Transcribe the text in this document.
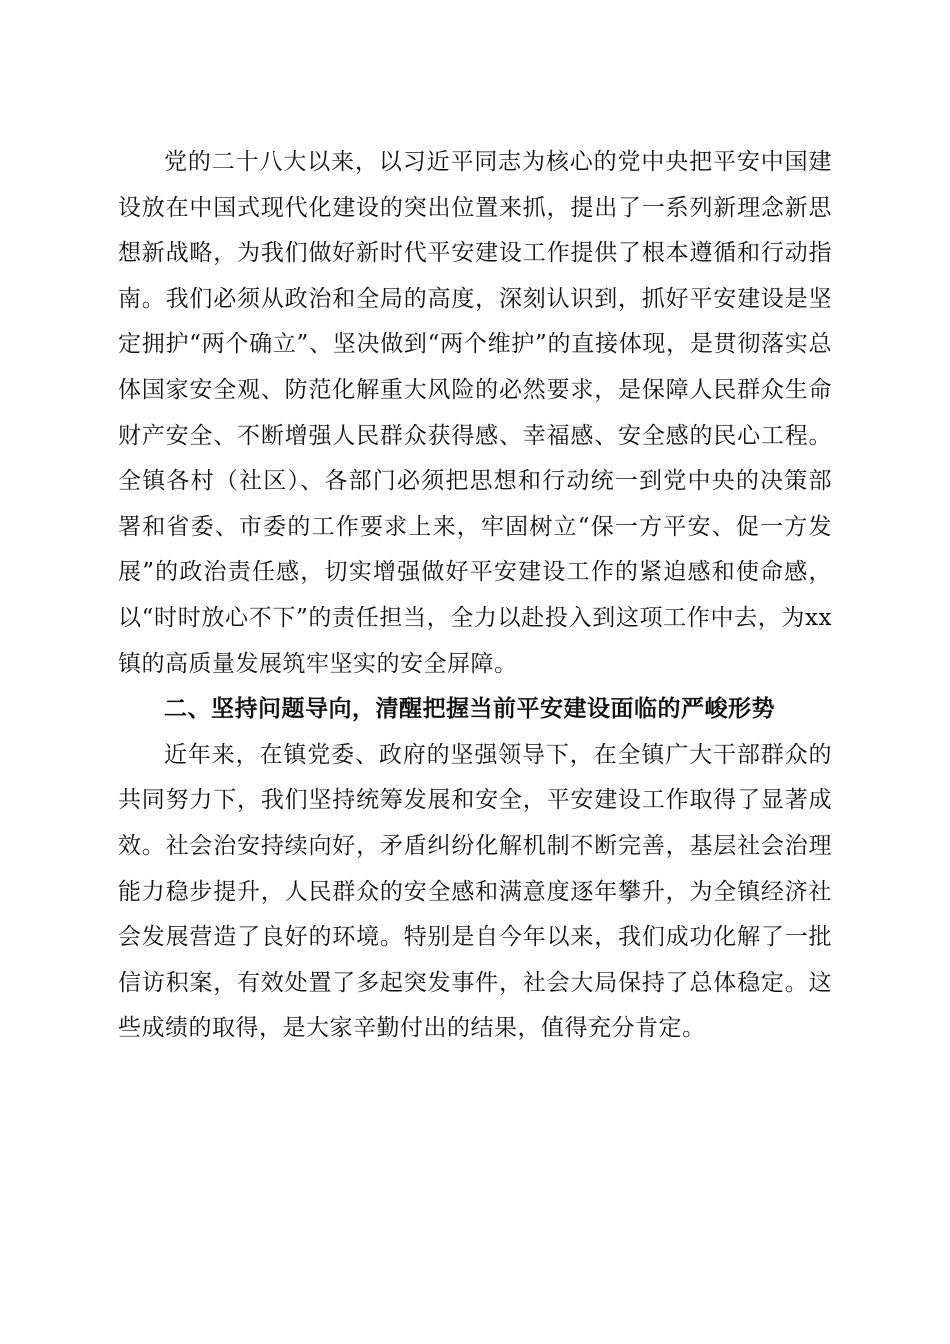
党的二十八大以来，以习近平同志为核心的党中央把平安中国建设放在中国式现代化建设的突出位置来抓，提出了一系列新理念新思想新战略，为我们做好新时代平安建设工作提供了根本遵循和行动指南。我们必须从政治和全局的高度，深刻认识到，抓好平安建设是坚定拥护“两个确立”、坚决做到“两个维护”的直接体现，是贯彻落实总体国家安全观、防范化解重大风险的必然要求，是保障人民群众生命财产安全、不断增强人民群众获得感、幸福感、安全感的民心工程。全镇各村（社区）、各部门必须把思想和行动统一到党中央的决策部署和省委、市委的工作要求上来，牢固树立“保一方平安、促一方发展”的政治责任感，切实增强做好平安建设工作的紧迫感和使命感，以“时时放心不下”的责任担当，全力以赴投入到这项工作中去，为xx镇的高质量发展筑牢坚实的安全屏障。

二、坚持问题导向，清醒把握当前平安建设面临的严峻形势

近年来，在镇党委、政府的坚强领导下，在全镇广大干部群众的共同努力下，我们坚持统筹发展和安全，平安建设工作取得了显著成效。社会治安持续向好，矛盾纠纷化解机制不断完善，基层社会治理能力稳步提升，人民群众的安全感和满意度逐年攀升，为全镇经济社会发展营造了良好的环境。特别是自今年以来，我们成功化解了一批信访积案，有效处置了多起突发事件，社会大局保持了总体稳定。这些成绩的取得，是大家辛勤付出的结果，值得充分肯定。
